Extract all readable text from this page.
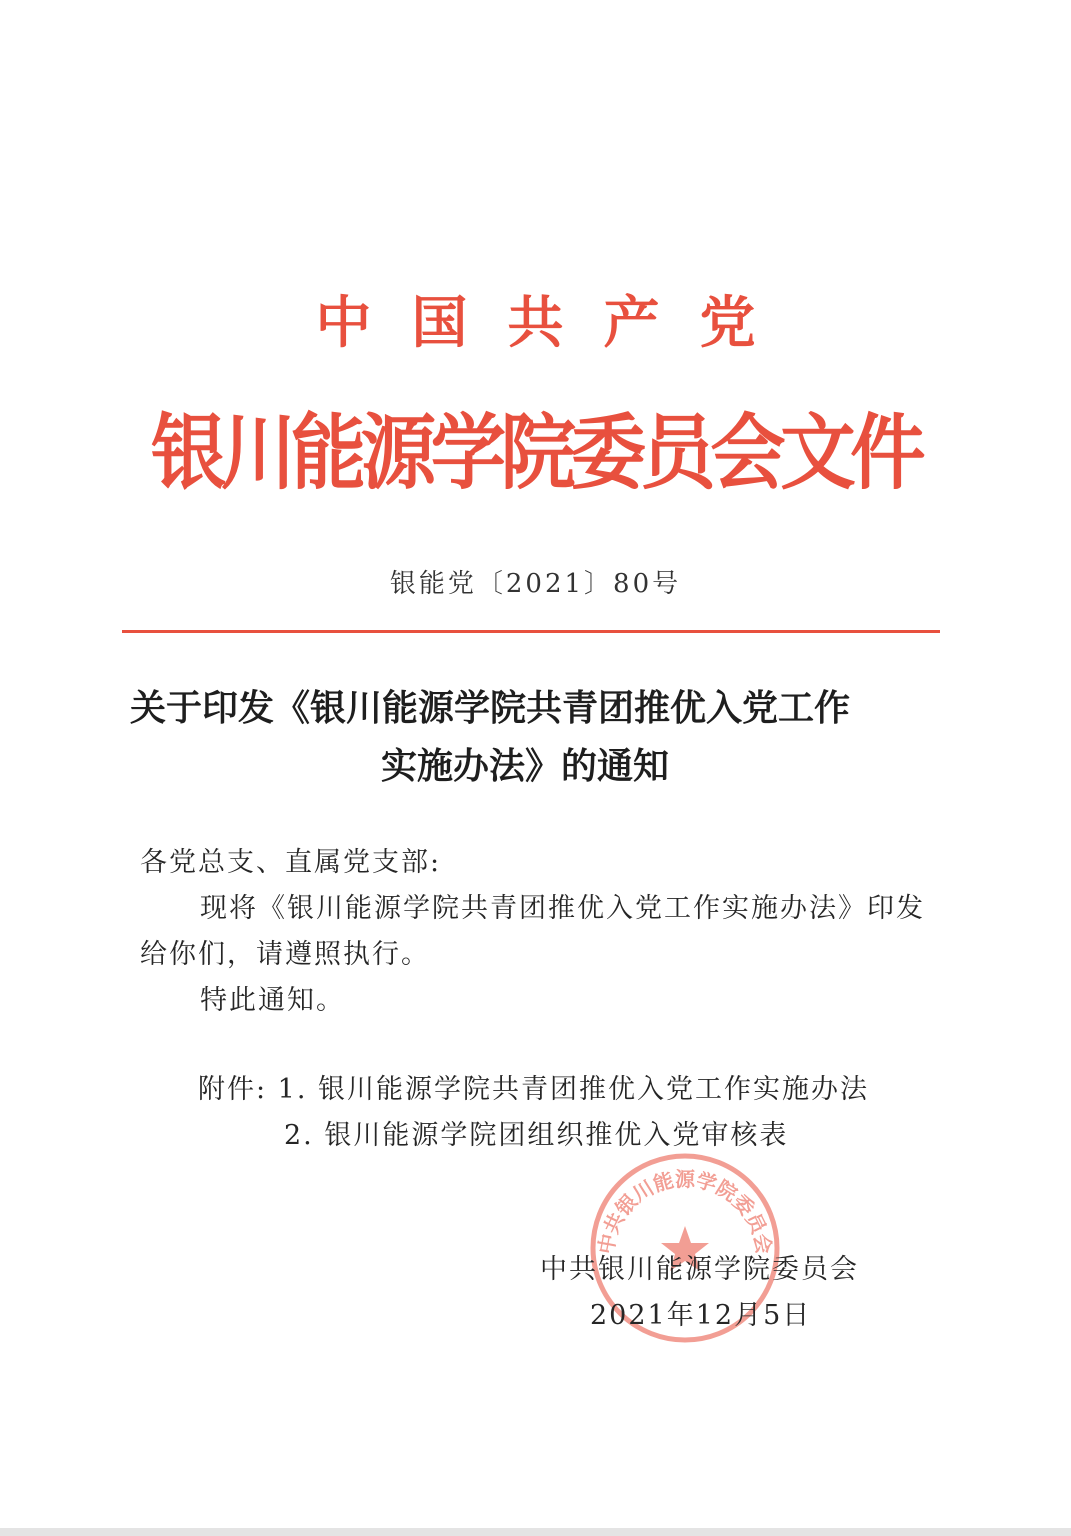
中国共产党
银川能源学院委员会文件
银能党〔2021〕80号
关于印发《银川能源学院共青团推优入党工作
实施办法》的通知
各党总支、直属党支部:
现将《银川能源学院共青团推优入党工作实施办法》印发给你们，请遵照执行。
特此通知。
附件: 1. 银川能源学院共青团推优入党工作实施办法
2. 银川能源学院团组织推优入党审核表
中共银川能源学院委员会
中共银川能源学院委员会
2021年12月5日
